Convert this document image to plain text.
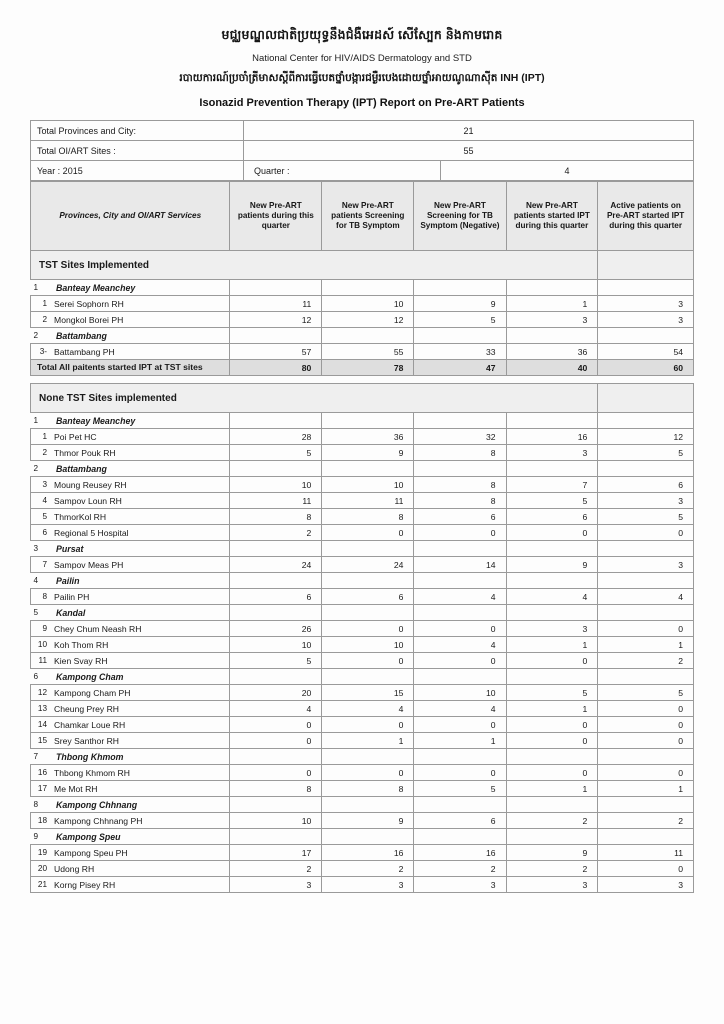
មជ្ឈមណ្ឌលជាតិប្រយុទ្ធនឹងជំងឺអេដស៍ សើស្បែក និងកាមរោគ
National Center for HIV/AIDS Dermatology and STD
របាយការណ៍ប្រចាំត្រីមាសស្តីពីការធ្វើបេតថ្នាំបង្ការជម្ងឺរបេងដោយថ្នាំអាយណូណាស៊ីត INH (IPT)
Isonazid Prevention Therapy (IPT) Report on Pre-ART Patients
Total Provinces and City:	21	
Total OI/ART Sites :	55	
Year : 2015	Quarter :	4
Provinces, City and OI/ART Services		New Pre-ART patients during this quarter	New Pre-ART patients Screening for TB Symptom	New Pre-ART Screening for TB Symptom (Negative)	New Pre-ART patients started IPT during this quarter	Active patients on Pre-ART started IPT during this quarter
TST Sites Implemented						
1	Banteay Meanchey					
1	Serei Sophorn RH	11	10	9	1	3
2	Mongkol Borei PH	12	12	5	3	3
2	Battambang					
3-	Battambang PH	57	55	33	36	54
Total All paitents started IPT at TST sites		80	78	47	40	60

None TST Sites implemented						
1	Banteay Meanchey					
1	Poi Pet HC	28	36	32	16	12
2	Thmor Pouk RH	5	9	8	3	5
2	Battambang					
3	Moung Reusey RH	10	10	8	7	6
4	Sampov Loun RH	11	11	8	5	3
5	ThmorKol RH	8	8	6	6	5
6	Regional 5 Hospital	2	0	0	0	0
3	Pursat					
7	Sampov Meas PH	24	24	14	9	3
4	Pailin					
8	Pailin PH	6	6	4	4	4
5	Kandal					
9	Chey Chum Neash RH	26	0	0	3	0
10	Koh Thom RH	10	10	4	1	1
11	Kien Svay RH	5	0	0	0	2
6	Kampong Cham					
12	Kampong Cham PH	20	15	10	5	5
13	Cheung Prey RH	4	4	4	1	0
14	Chamkar Loue RH	0	0	0	0	0
15	Srey Santhor RH	0	1	1	0	0
7	Thbong Khmom					
16	Thbong Khmom RH	0	0	0	0	0
17	Me Mot RH	8	8	5	1	1
8	Kampong Chhnang					
18	Kampong Chhnang PH	10	9	6	2	2
9	Kampong Speu					
19	Kampong Speu PH	17	16	16	9	11
20	Udong RH	2	2	2	2	0
21	Korng Pisey RH	3	3	3	3	3
